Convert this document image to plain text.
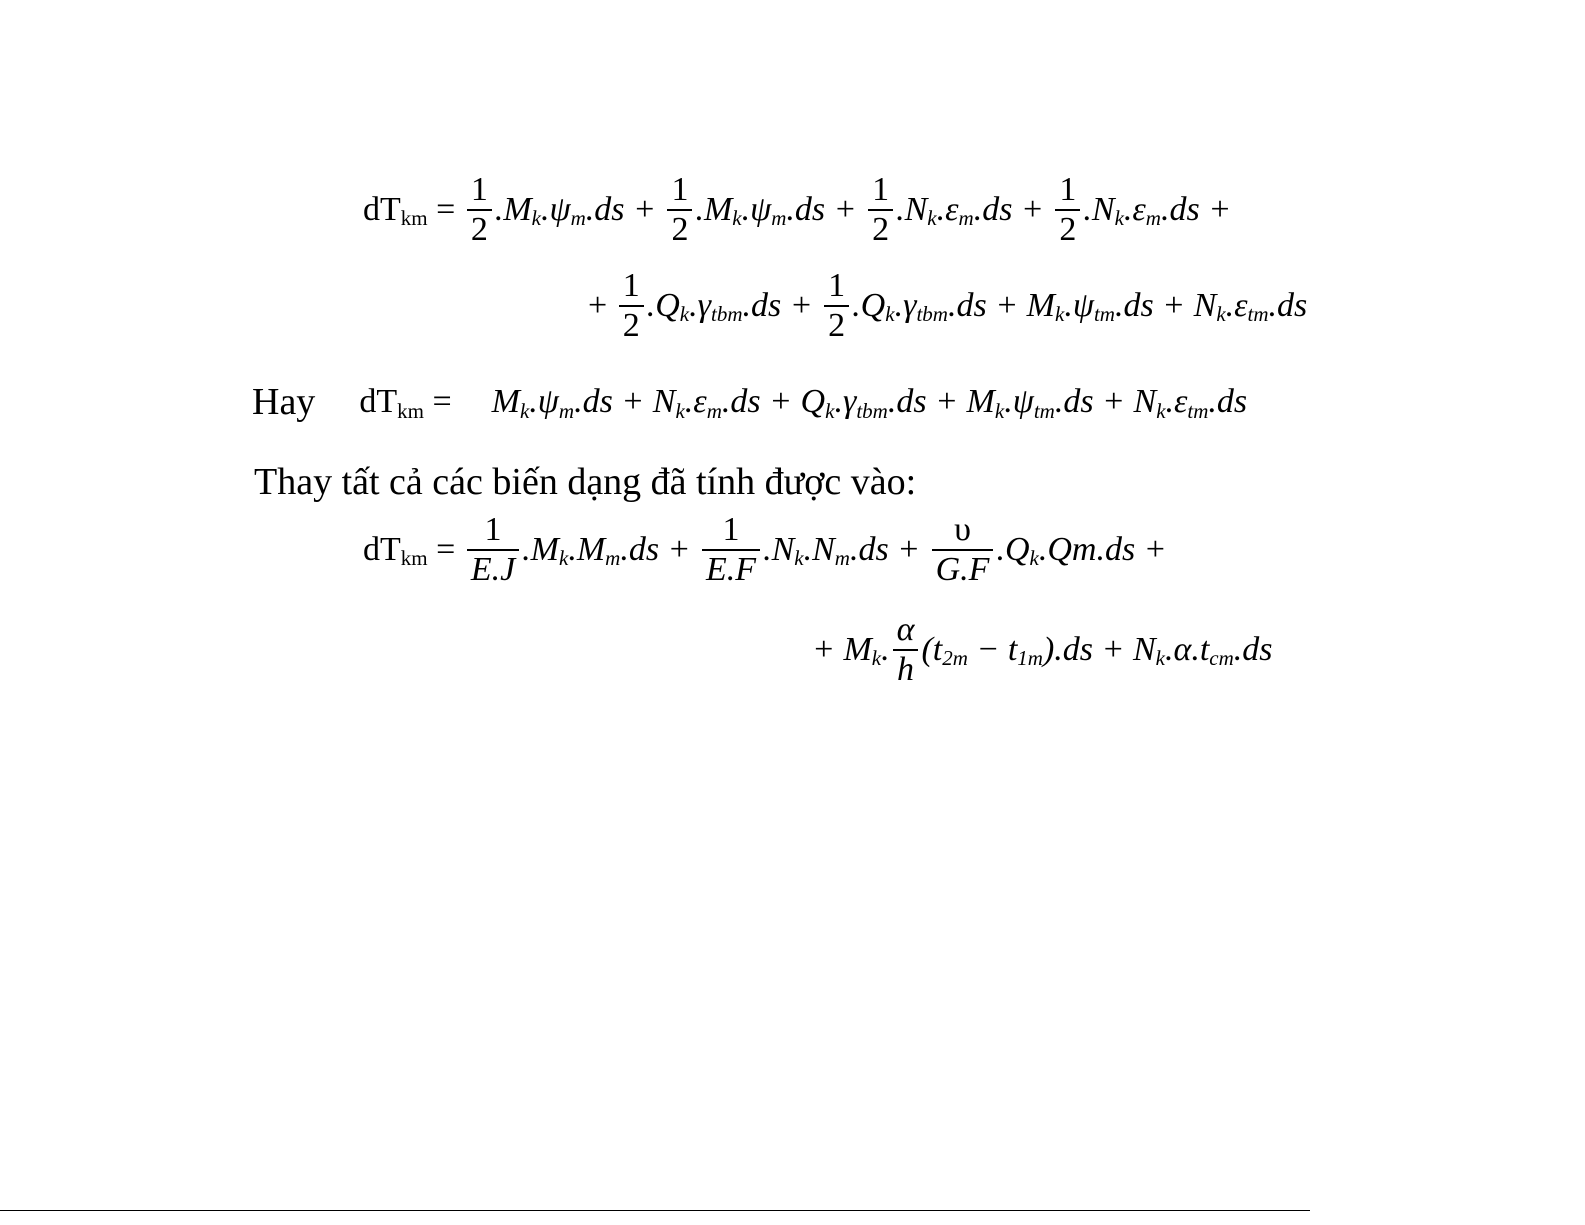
dT km = $\frac{1}{2} .M$ k .ψ m $.ds + \frac{1}{2} .M$ k .ψ m $.ds + \frac{1}{2} .N$ k .ε m $.ds + \frac{1}{2} .N$ k .ε m .ds +
+ $\frac{1}{2} .Q$ k .γ tbm $.ds + \frac{1}{2} .Q$ k .γ tbm .ds + M k .ψ tm .ds + N k .ε tm .ds
Hay dT km = M k .ψ m .ds + N k .ε m .ds + Q k .γ tbm .ds + M k .ψ tm .ds + N k .ε tm .ds
Thay tất cả các biến dạng đã tính được vào:
dT km = $\frac{1}{E.J} .M$ k .M m $.ds + \frac{1}{E.F} .N$ k .N m $.ds + \frac{\upsilon}{G.F} .Q$ k .Qm.ds +
+ M k . $\frac{\alpha}{h} (t$ 2m − t 1m ).ds + N k .α.t cm .ds
